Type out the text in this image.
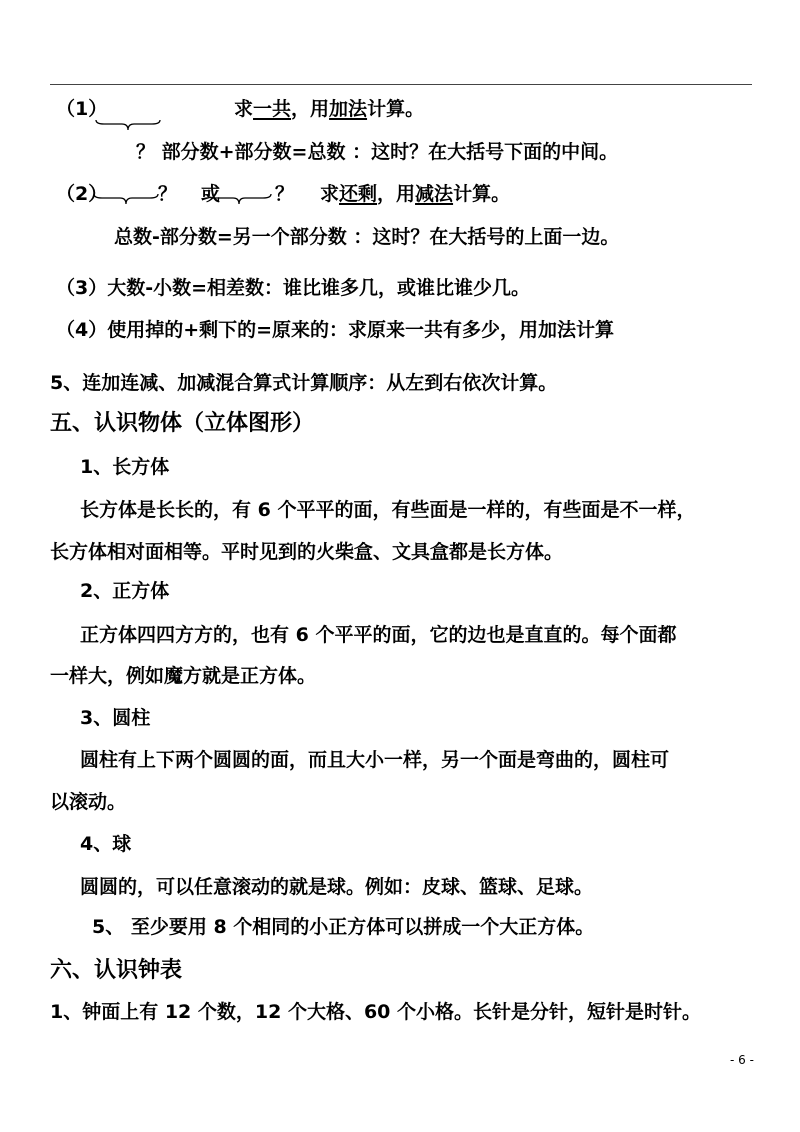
（1）	求一共，用加法计算。
？ 部分数+部分数=总数 ：这时？在大括号下面的中间。
（2）	？ 或	？ 求还剩，用减法计算。
总数-部分数=另一个部分数 ：这时？在大括号的上面一边。
（3）大数-小数=相差数：谁比谁多几，或谁比谁少几。
（4）使用掉的+剩下的=原来的：求原来一共有多少，用加法计算
5、连加连减、加减混合算式计算顺序：从左到右依次计算。
五、认识物体（立体图形）
1、长方体
长方体是长长的，有 6 个平平的面，有些面是一样的，有些面是不一样，
长方体相对面相等。平时见到的火柴盒、文具盒都是长方体。
2、正方体
正方体四四方方的，也有 6 个平平的面，它的边也是直直的。每个面都
一样大，例如魔方就是正方体。
3、圆柱
圆柱有上下两个圆圆的面，而且大小一样，另一个面是弯曲的，圆柱可
以滚动。
4、球
圆圆的，可以任意滚动的就是球。例如：皮球、篮球、足球。
5、 至少要用 8 个相同的小正方体可以拼成一个大正方体。
六、认识钟表
1、钟面上有 12 个数，12 个大格、60 个小格。长针是分针，短针是时针。
- 6 -
